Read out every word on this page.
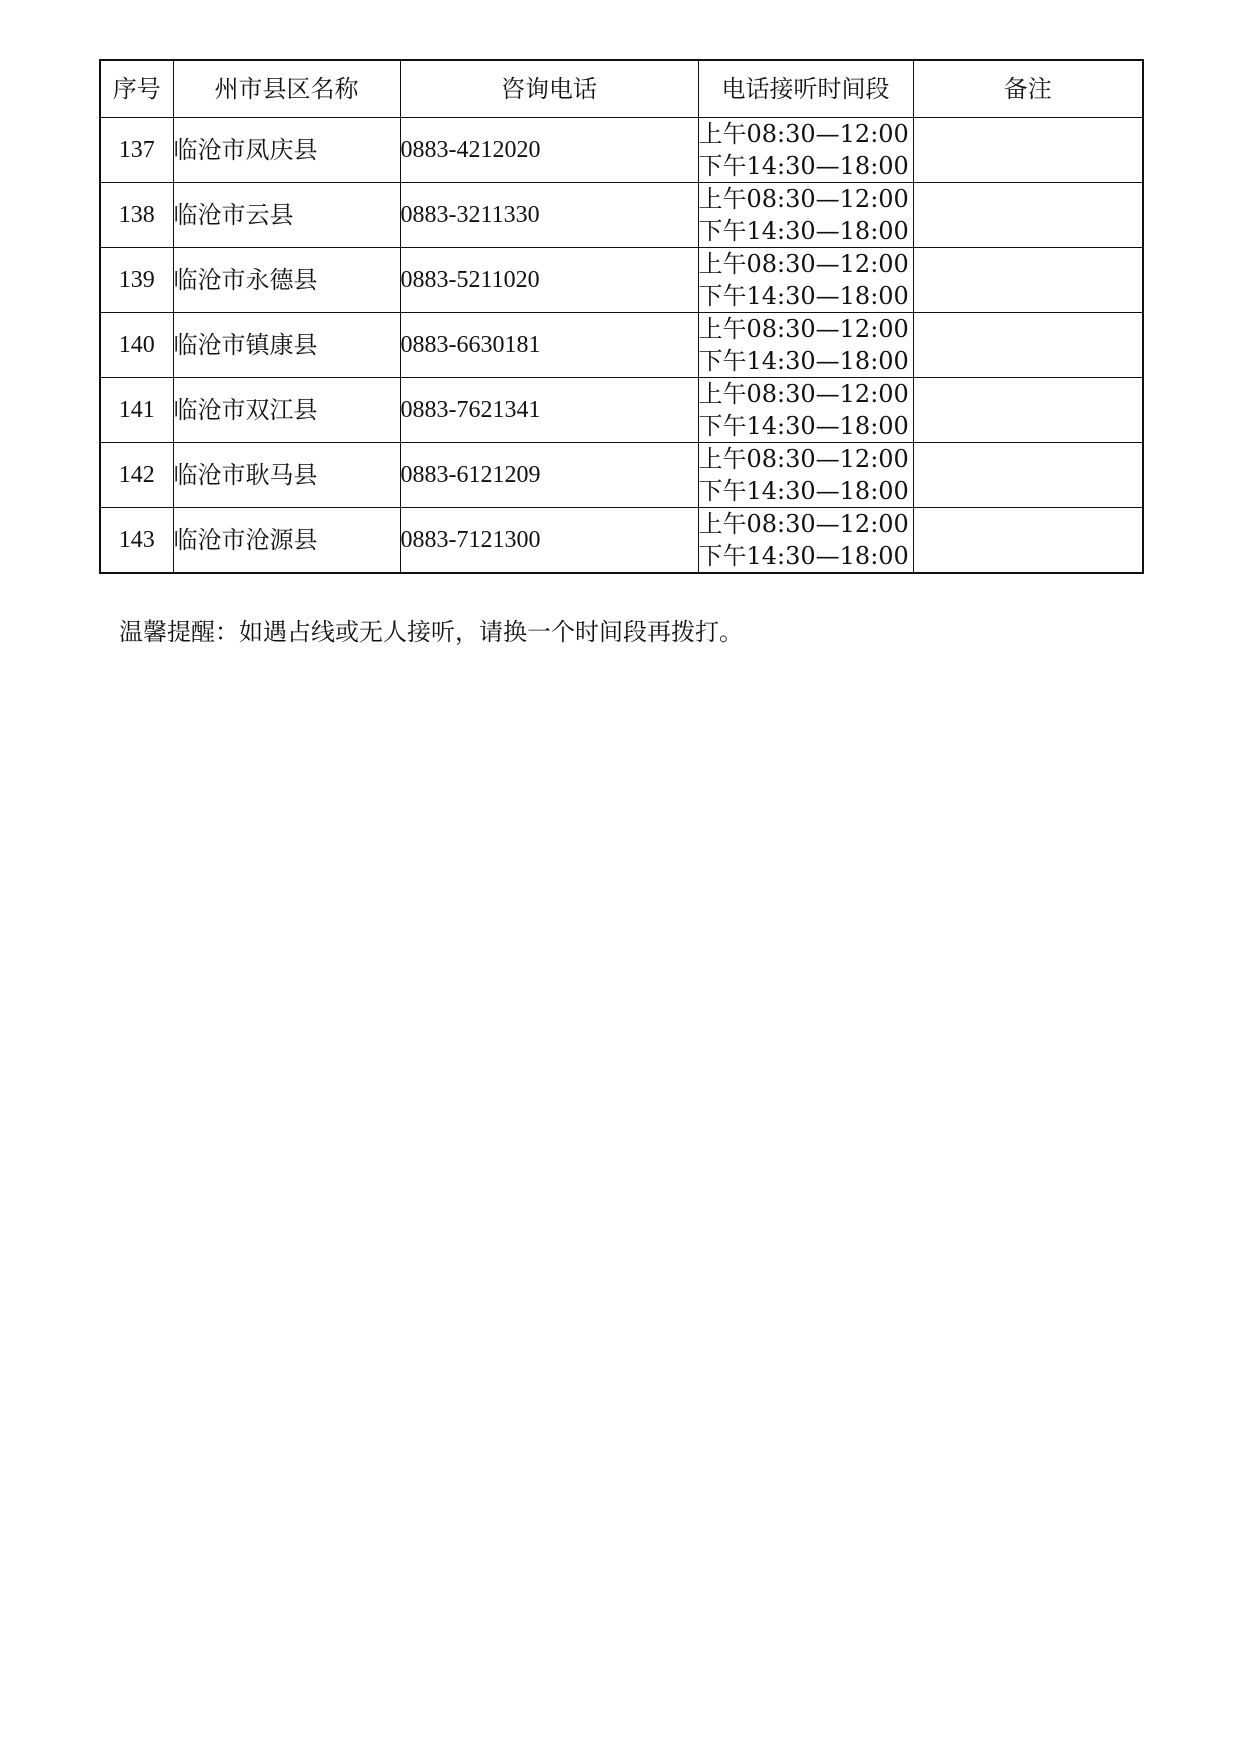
序号	州市县区名称	咨询电话	电话接听时间段	备注
137	临沧市凤庆县	0883-4212020	上午08:30—12:00
下午14:30—18:00	

138	临沧市云县	0883-3211330	上午08:30—12:00
下午14:30—18:00	

139	临沧市永德县	0883-5211020	上午08:30—12:00
下午14:30—18:00	

140	临沧市镇康县	0883-6630181	上午08:30—12:00
下午14:30—18:00	

141	临沧市双江县	0883-7621341	上午08:30—12:00
下午14:30—18:00	

142	临沧市耿马县	0883-6121209	上午08:30—12:00
下午14:30—18:00	

143	临沧市沧源县	0883-7121300	上午08:30—12:00
下午14:30—18:00	

温馨提醒：如遇占线或无人接听，请换一个时间段再拨打。
